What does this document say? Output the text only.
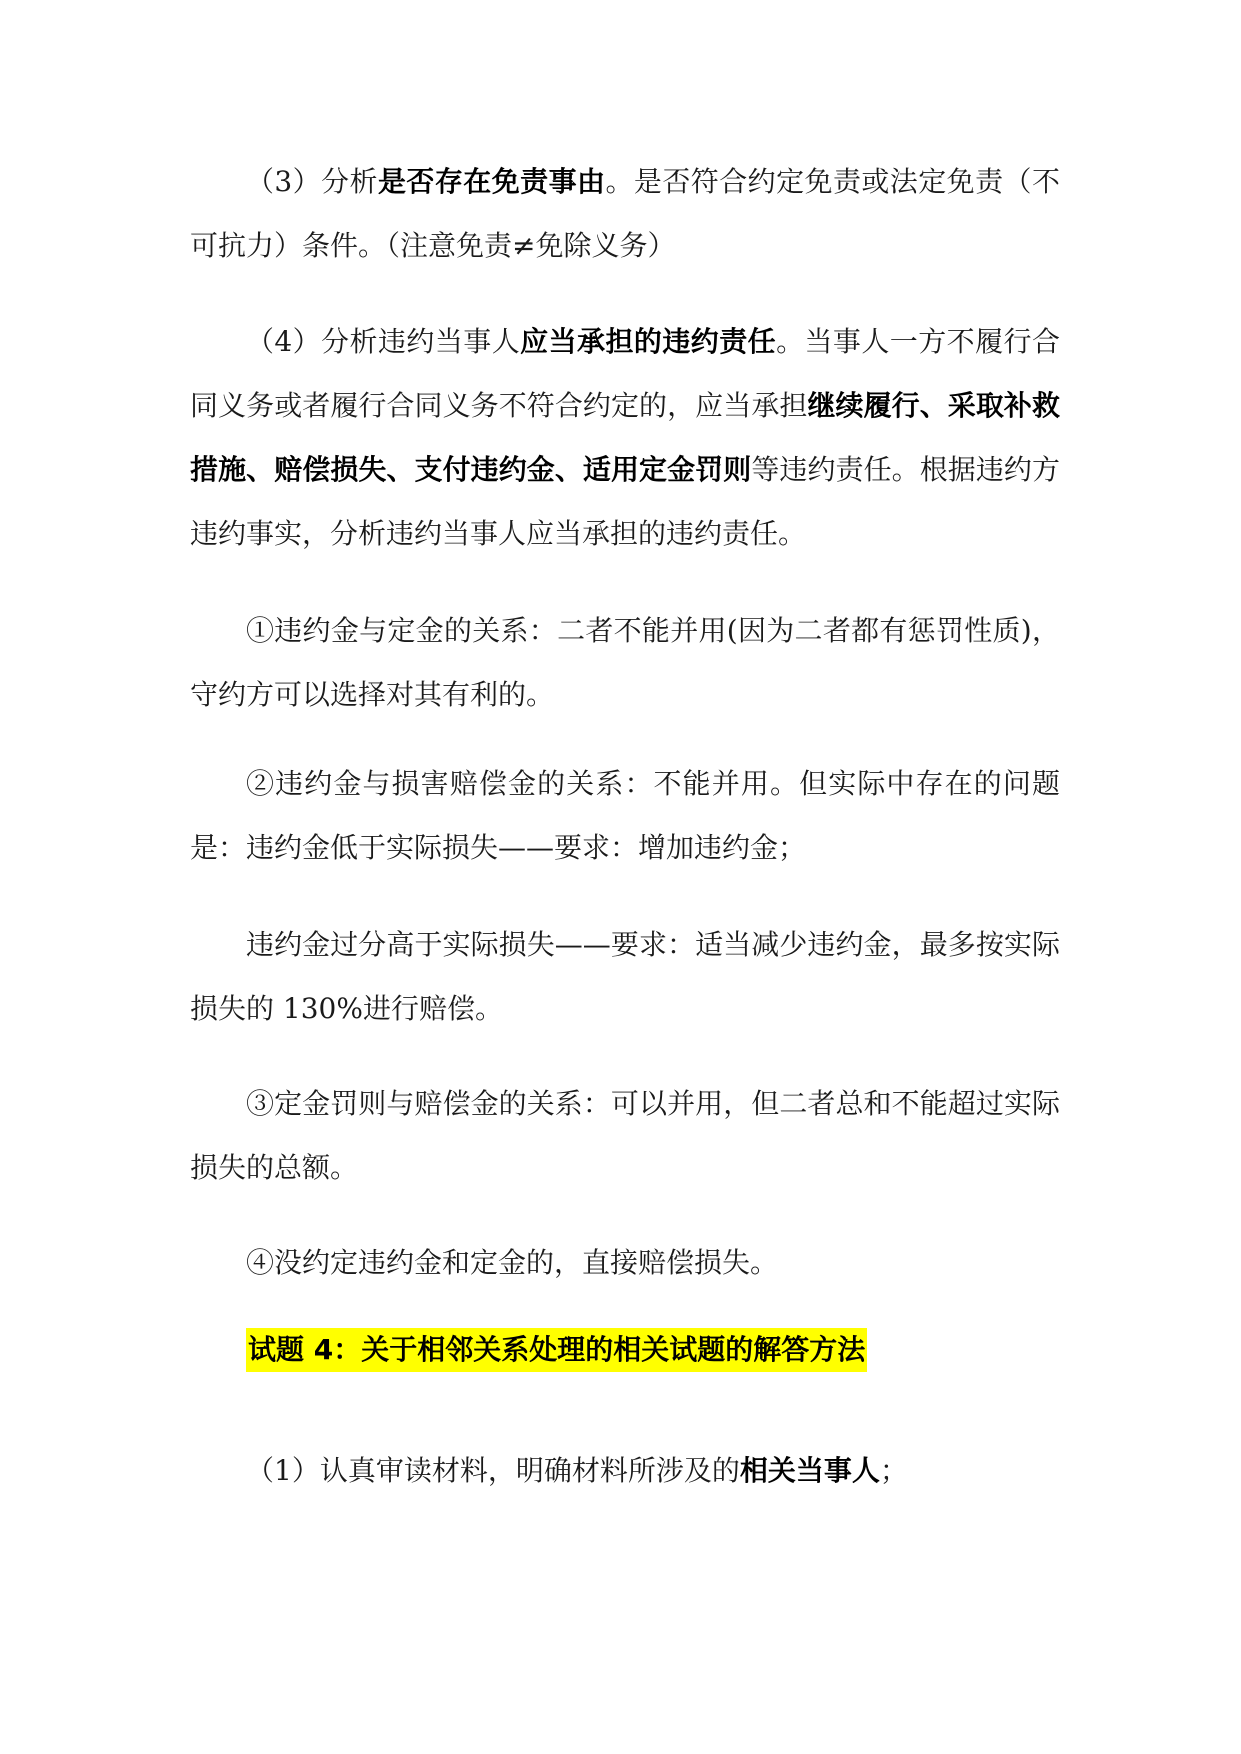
（3）分析是否存在免责事由。是否符合约定免责或法定免责（不可抗力）条件。（注意免责≠免除义务）

（4）分析违约当事人应当承担的违约责任。当事人一方不履行合同义务或者履行合同义务不符合约定的，应当承担继续履行、采取补救措施、赔偿损失、支付违约金、适用定金罚则等违约责任。根据违约方违约事实，分析违约当事人应当承担的违约责任。

①违约金与定金的关系：二者不能并用(因为二者都有惩罚性质)，守约方可以选择对其有利的。

②违约金与损害赔偿金的关系：不能并用。但实际中存在的问题是：违约金低于实际损失——要求：增加违约金；

违约金过分高于实际损失——要求：适当减少违约金，最多按实际损失的 130%进行赔偿。

③定金罚则与赔偿金的关系：可以并用，但二者总和不能超过实际损失的总额。

④没约定违约金和定金的，直接赔偿损失。

试题 4：关于相邻关系处理的相关试题的解答方法

（1）认真审读材料，明确材料所涉及的相关当事人；
